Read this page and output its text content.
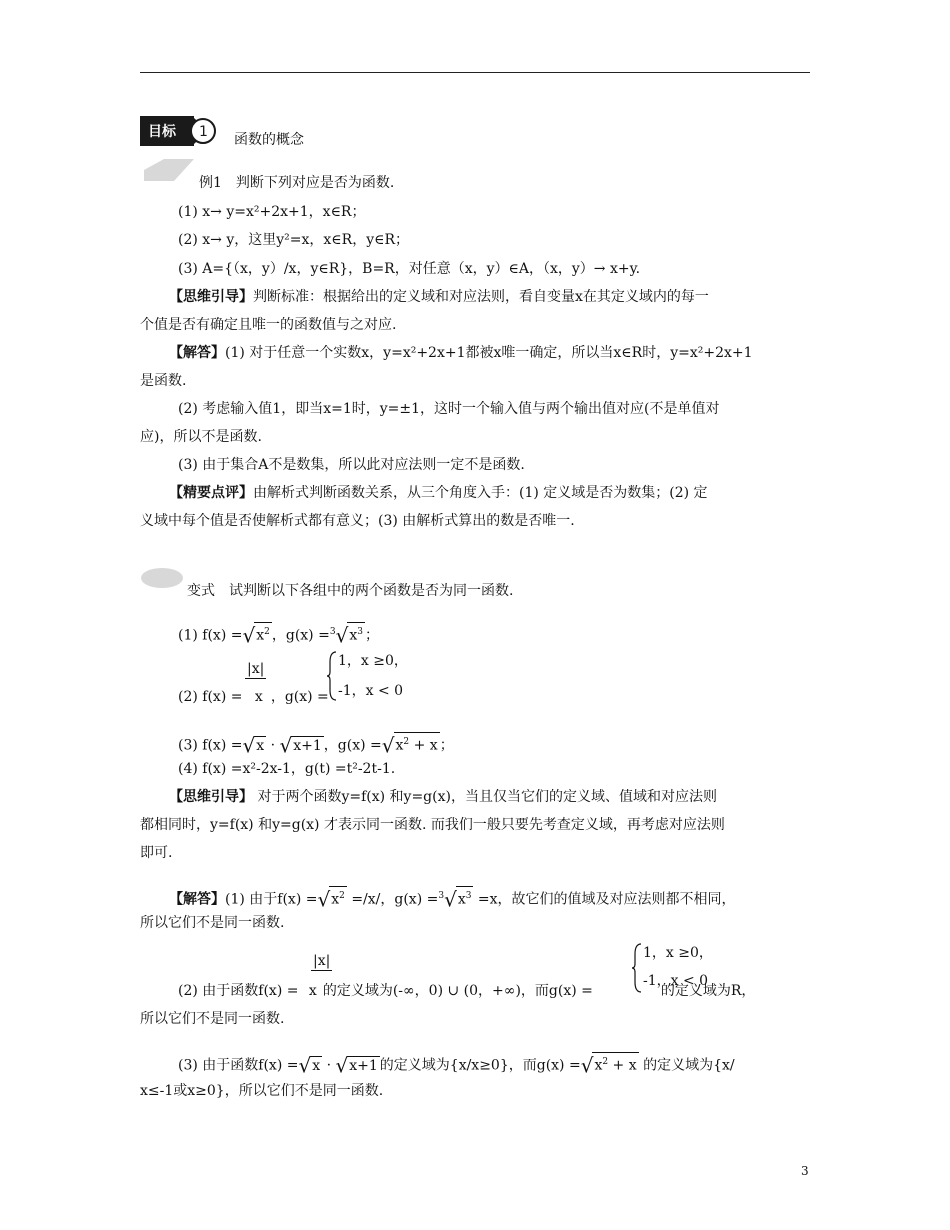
目标 1 函数的概念
例1　判断下列对应是否为函数.
(1) x→ y=x²+2x+1，x∈R；
(2) x→ y，这里y²=x，x∈R，y∈R；
(3) A={（x，y）/x，y∈R}，B=R，对任意（x，y）∈A，（x，y）→ x+y.
【思维引导】判断标准：根据给出的定义域和对应法则，看自变量x在其定义域内的每一
个值是否有确定且唯一的函数值与之对应.
【解答】(1) 对于任意一个实数x，y=x²+2x+1都被x唯一确定，所以当x∈R时，y=x²+2x+1
是函数.
(2) 考虑输入值1，即当x=1时，y=±1，这时一个输入值与两个输出值对应(不是单值对
应)，所以不是函数.
(3) 由于集合A不是数集，所以此对应法则一定不是函数.
【精要点评】由解析式判断函数关系，从三个角度入手：(1) 定义域是否为数集；(2) 定
义域中每个值是否使解析式都有意义；(3) 由解析式算出的数是否唯一.
变式　试判断以下各组中的两个函数是否为同一函数.
(1) $f(x) =√x^2$ ，$g(x) =^3√x^3$ ；
|x|
(2) f(x) = x ，g(x) =
1，x ≥0，
-1，x < 0
(3) f(x) =√x · √x+1 ，$g(x) =√x^2 + x$ ；
(4) f(x) =x²-2x-1，g(t) =t²-2t-1.
【思维引导】 对于两个函数y=f(x) 和y=g(x)，当且仅当它们的定义域、值域和对应法则
都相同时，y=f(x) 和y=g(x) 才表示同一函数. 而我们一般只要先考查定义域，再考虑对应法则
即可.
【解答】(1) 由于$f(x) =√x^2 =/x/$，$g(x) =^3√x^3 =x$，故它们的值域及对应法则都不相同，
所以它们不是同一函数.
|x|
(2) 由于函数f(x) = x 的定义域为(-∞，0) ∪ (0，+∞)，而g(x) =	的定义域为R，
1，x ≥0，
-1，x < 0
所以它们不是同一函数.
(3) 由于函数f(x) =√x · √x+1 的定义域为{x/x≥0}，而$g(x) =√x^2 + x$ 的定义域为{x/
x≤-1或x≥0}，所以它们不是同一函数.
3
